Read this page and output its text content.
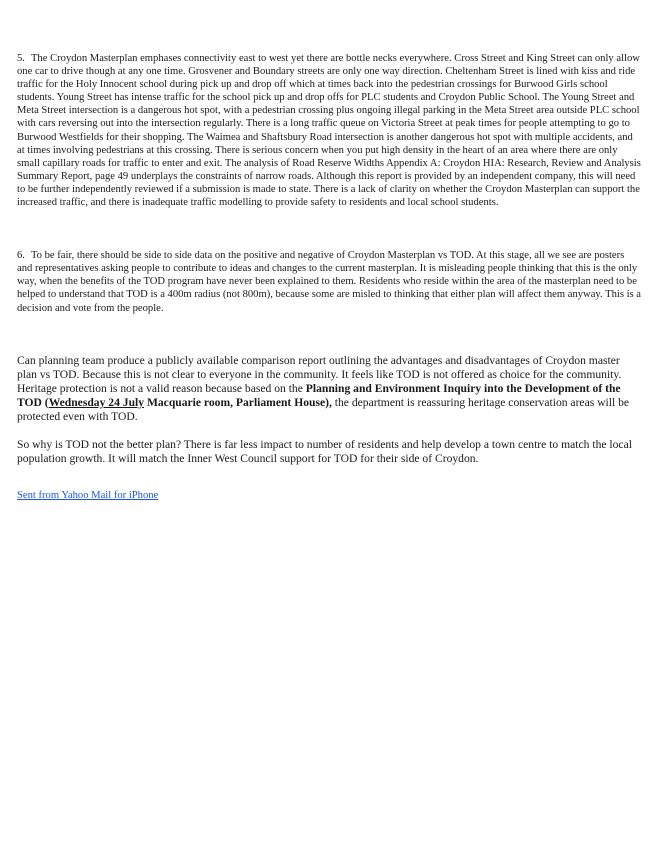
5. The Croydon Masterplan emphases connectivity east to west yet there are bottle necks everywhere. Cross Street and King Street can only allow one car to drive though at any one time. Grosvener and Boundary streets are only one way direction. Cheltenham Street is lined with kiss and ride traffic for the Holy Innocent school during pick up and drop off which at times back into the pedestrian crossings for Burwood Girls school students. Young Street has intense traffic for the school pick up and drop offs for PLC students and Croydon Public School. The Young Street and Meta Street intersection is a dangerous hot spot, with a pedestrian crossing plus ongoing illegal parking in the Meta Street area outside PLC school with cars reversing out into the intersection regularly. There is a long traffic queue on Victoria Street at peak times for people attempting to go to Burwood Westfields for their shopping. The Waimea and Shaftsbury Road intersection is another dangerous hot spot with multiple accidents, and at times involving pedestrians at this crossing. There is serious concern when you put high density in the heart of an area where there are only small capillary roads for traffic to enter and exit. The analysis of Road Reserve Widths Appendix A: Croydon HIA: Research, Review and Analysis Summary Report, page 49 underplays the constraints of narrow roads. Although this report is provided by an independent company, this will need to be further independently reviewed if a submission is made to state. There is a lack of clarity on whether the Croydon Masterplan can support the increased traffic, and there is inadequate traffic modelling to provide safety to residents and local school students.

6. To be fair, there should be side to side data on the positive and negative of Croydon Masterplan vs TOD. At this stage, all we see are posters and representatives asking people to contribute to ideas and changes to the current masterplan. It is misleading people thinking that this is the only way, when the benefits of the TOD program have never been explained to them. Residents who reside within the area of the masterplan need to be helped to understand that TOD is a 400m radius (not 800m), because some are misled to thinking that either plan will affect them anyway. This is a decision and vote from the people.

Can planning team produce a publicly available comparison report outlining the advantages and disadvantages of Croydon master plan vs TOD. Because this is not clear to everyone in the community. It feels like TOD is not offered as choice for the community.
Heritage protection is not a valid reason because based on the Planning and Environment Inquiry into the Development of the TOD (Wednesday 24 July Macquarie room, Parliament House), the department is reassuring heritage conservation areas will be protected even with TOD.

So why is TOD not the better plan? There is far less impact to number of residents and help develop a town centre to match the local population growth. It will match the Inner West Council support for TOD for their side of Croydon.

Sent from Yahoo Mail for iPhone
